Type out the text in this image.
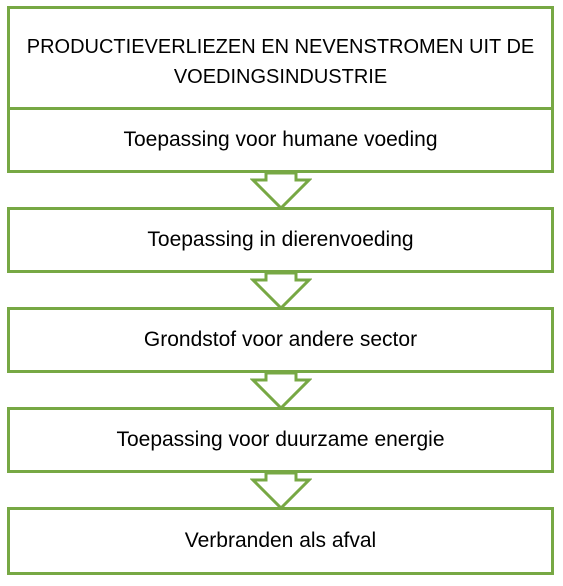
PRODUCTIEVERLIEZEN EN NEVENSTROMEN UIT DE VOEDINGSINDUSTRIE
Toepassing voor humane voeding
Toepassing in dierenvoeding
Grondstof voor andere sector
Toepassing voor duurzame energie
Verbranden als afval
